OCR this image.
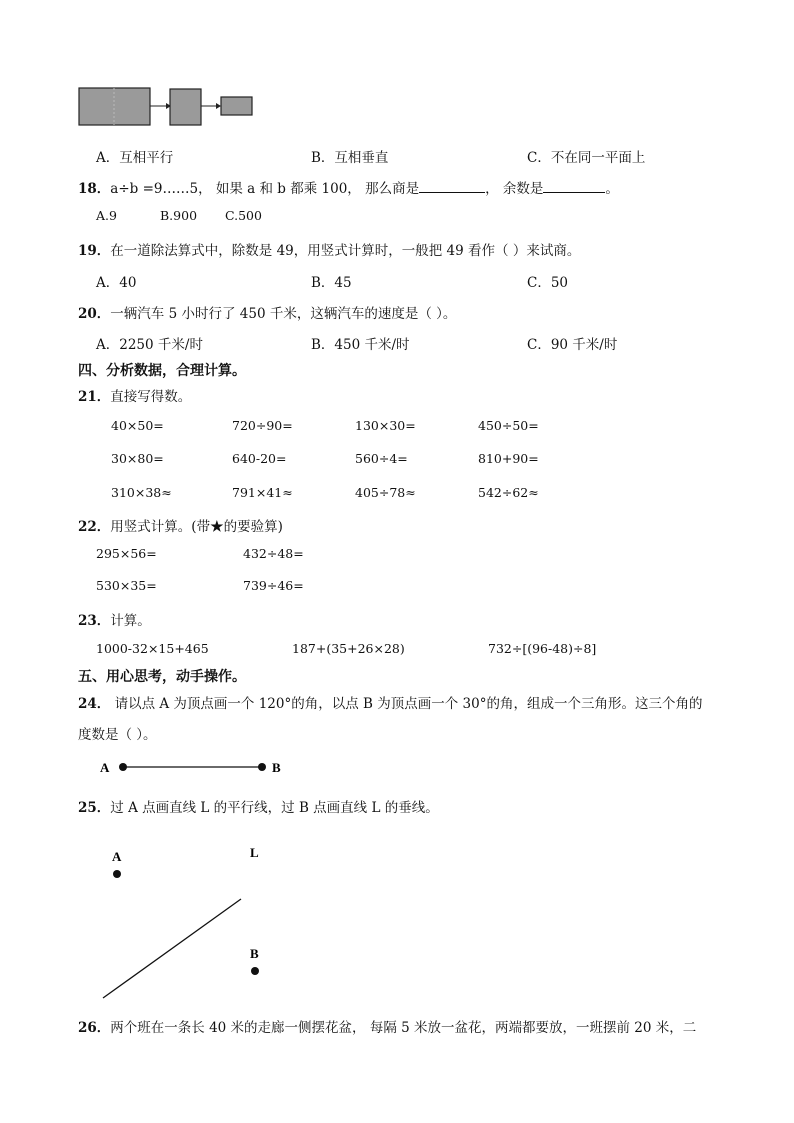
A．互相平行	B．互相垂直	C．不在同一平面上
18．a÷b =9……5， 如果 a 和 b 都乘 100， 那么商是	， 余数是	。
A.9	B.900 C.500
19．在一道除法算式中，除数是 49，用竖式计算时，一般把 49 看作（ ）来试商。
A．40	B．45	C．50
20．一辆汽车 5 小时行了 450 千米，这辆汽车的速度是（ ）。
A．2250 千米/时	B．450 千米/时	C．90 千米/时
四、分析数据，合理计算。
21．直接写得数。
40×50=	720÷90=	130×30=	450÷50=
30×80=	640-20=	560÷4=	810+90=
310×38≈	791×41≈	405÷78≈	542÷62≈
22．用竖式计算。(带★的要验算)
295×56=	432÷48=
530×35=	739÷46=
23．计算。
1000-32×15+465	187+(35+26×28)	732÷[(96-48)÷8]
五、用心思考，动手操作。
24． 请以点 A 为顶点画一个 120°的角，以点 B 为顶点画一个 30°的角，组成一个三角形。这三个角的
度数是（ ）。
A	B
25．过 A 点画直线 L 的平行线，过 B 点画直线 L 的垂线。
A	L
B
26．两个班在一条长 40 米的走廊一侧摆花盆， 每隔 5 米放一盆花，两端都要放，一班摆前 20 米，二
